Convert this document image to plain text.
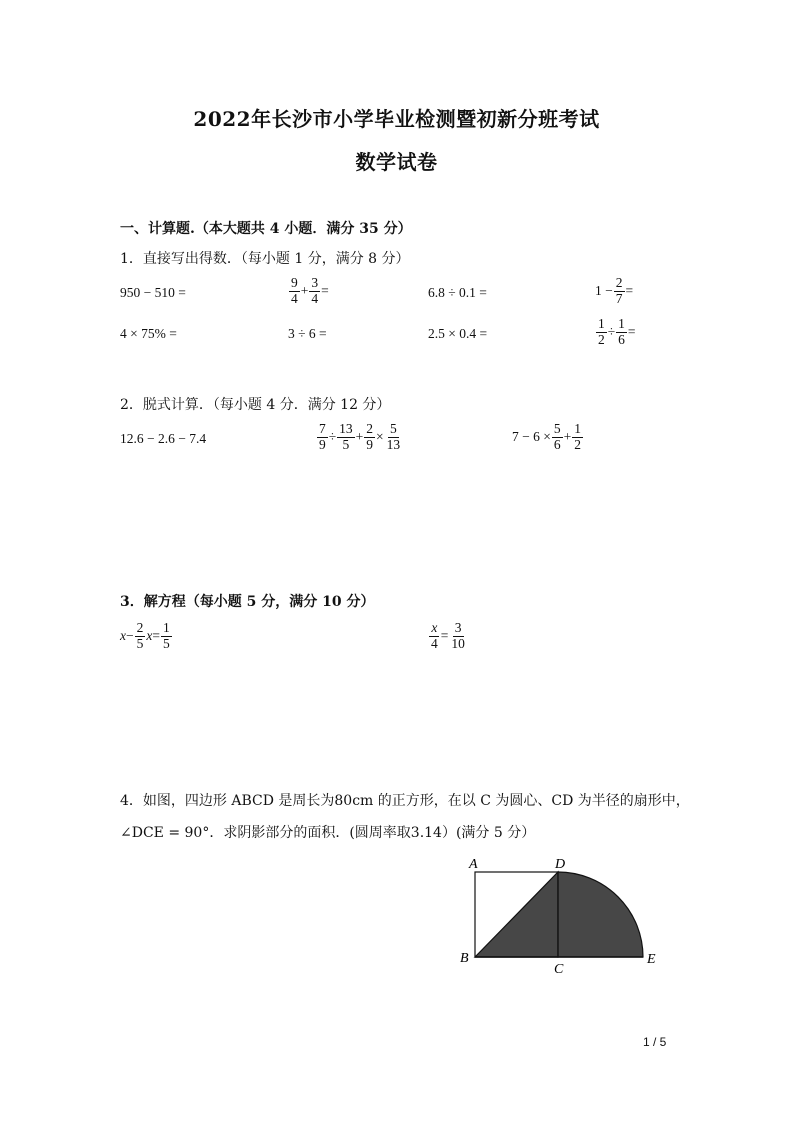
2022年长沙市小学毕业检测暨初新分班考试
数学试卷
一、计算题.（本大题共 4 小题．满分 35 分）
1．直接写出得数．（每小题 1 分，满分 8 分）
950 − 510 =	$\frac{9}{4} + \frac{3}{4}$ =	6.8 ÷ 0.1 =	$1 - \frac{2}{7}$ =
4 × 75% =	3 ÷ 6 =	2.5 × 0.4 =	$\frac{1}{2} \div \frac{1}{6}$ =
2．脱式计算．（每小题 4 分．满分 12 分）
12.6 − 2.6 − 7.4	$\frac{7}{9} \div \frac{13}{5} + \frac{2}{9} \times \frac{5}{13}$	$7 - 6 \times \frac{5}{6} + \frac{1}{2}$
3．解方程（每小题 5 分，满分 10 分）
$x - \frac{2}{5}$ $x = \frac{1}{5}$	$\frac{x}{4} = \frac{3}{10}$
4．如图，四边形 ABCD 是周长为80cm 的正方形，在以 C 为圆心、CD 为半径的扇形中，
∠DCE = 90°．求阴影部分的面积．(圆周率取3.14）(满分 5 分）
A	D
B
C
E
1 / 5
